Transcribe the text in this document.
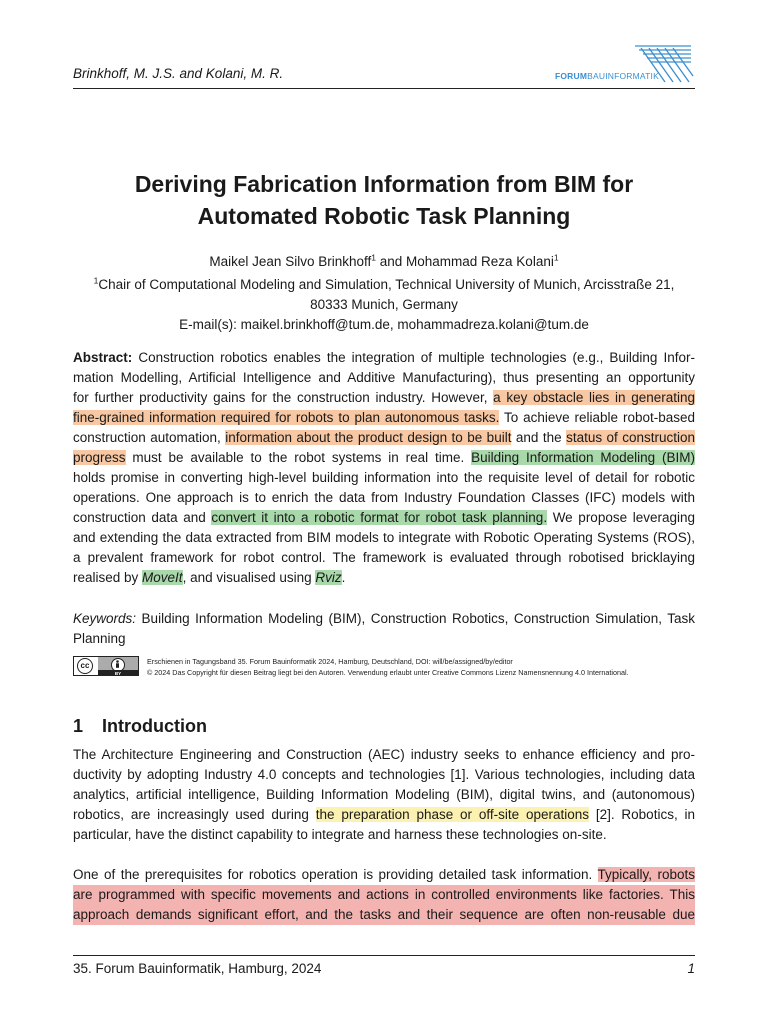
Brinkhoff, M. J.S. and Kolani, M. R.	FORUMBAUINFORMATIK
Deriving Fabrication Information from BIM for
Automated Robotic Task Planning
Maikel Jean Silvo Brinkhoff$^1$ and Mohammad Reza Kolani$^1$
$^1$Chair of Computational Modeling and Simulation, Technical University of Munich, Arcisstraße 21,
80333 Munich, Germany
E-mail(s): maikel.brinkhoff@tum.de, mohammadreza.kolani@tum.de
Abstract: Construction robotics enables the integration of multiple technologies (e.g., Building Infor-
mation Modelling, Artificial Intelligence and Additive Manufacturing), thus presenting an opportunity
for further productivity gains for the construction industry. However, a key obstacle lies in generating
fine-grained information required for robots to plan autonomous tasks. To achieve reliable robot-based
construction automation, information about the product design to be built and the status of construction
progress must be available to the robot systems in real time. Building Information Modeling (BIM)
holds promise in converting high-level building information into the requisite level of detail for robotic
operations. One approach is to enrich the data from Industry Foundation Classes (IFC) models with
construction data and convert it into a robotic format for robot task planning. We propose leveraging
and extending the data extracted from BIM models to integrate with Robotic Operating Systems (ROS),
a prevalent framework for robot control. The framework is evaluated through robotised bricklaying
realised by MoveIt, and visualised using Rviz.
Keywords: Building Information Modeling (BIM), Construction Robotics, Construction Simulation, Task
Planning
cc
BY
Erschienen in Tagungsband 35. Forum Bauinformatik 2024, Hamburg, Deutschland, DOI: will/be/assigned/by/editor
© 2024 Das Copyright für diesen Beitrag liegt bei den Autoren. Verwendung erlaubt unter Creative Commons Lizenz Namensnennung 4.0 International.
1 Introduction
The Architecture Engineering and Construction (AEC) industry seeks to enhance efficiency and pro-
ductivity by adopting Industry 4.0 concepts and technologies [1]. Various technologies, including data
analytics, artificial intelligence, Building Information Modeling (BIM), digital twins, and (autonomous)
robotics, are increasingly used during the preparation phase or off-site operations [2]. Robotics, in
particular, have the distinct capability to integrate and harness these technologies on-site.
One of the prerequisites for robotics operation is providing detailed task information. Typically, robots
are programmed with specific movements and actions in controlled environments like factories. This
approach demands significant effort, and the tasks and their sequence are often non-reusable due
35. Forum Bauinformatik, Hamburg, 2024	1
